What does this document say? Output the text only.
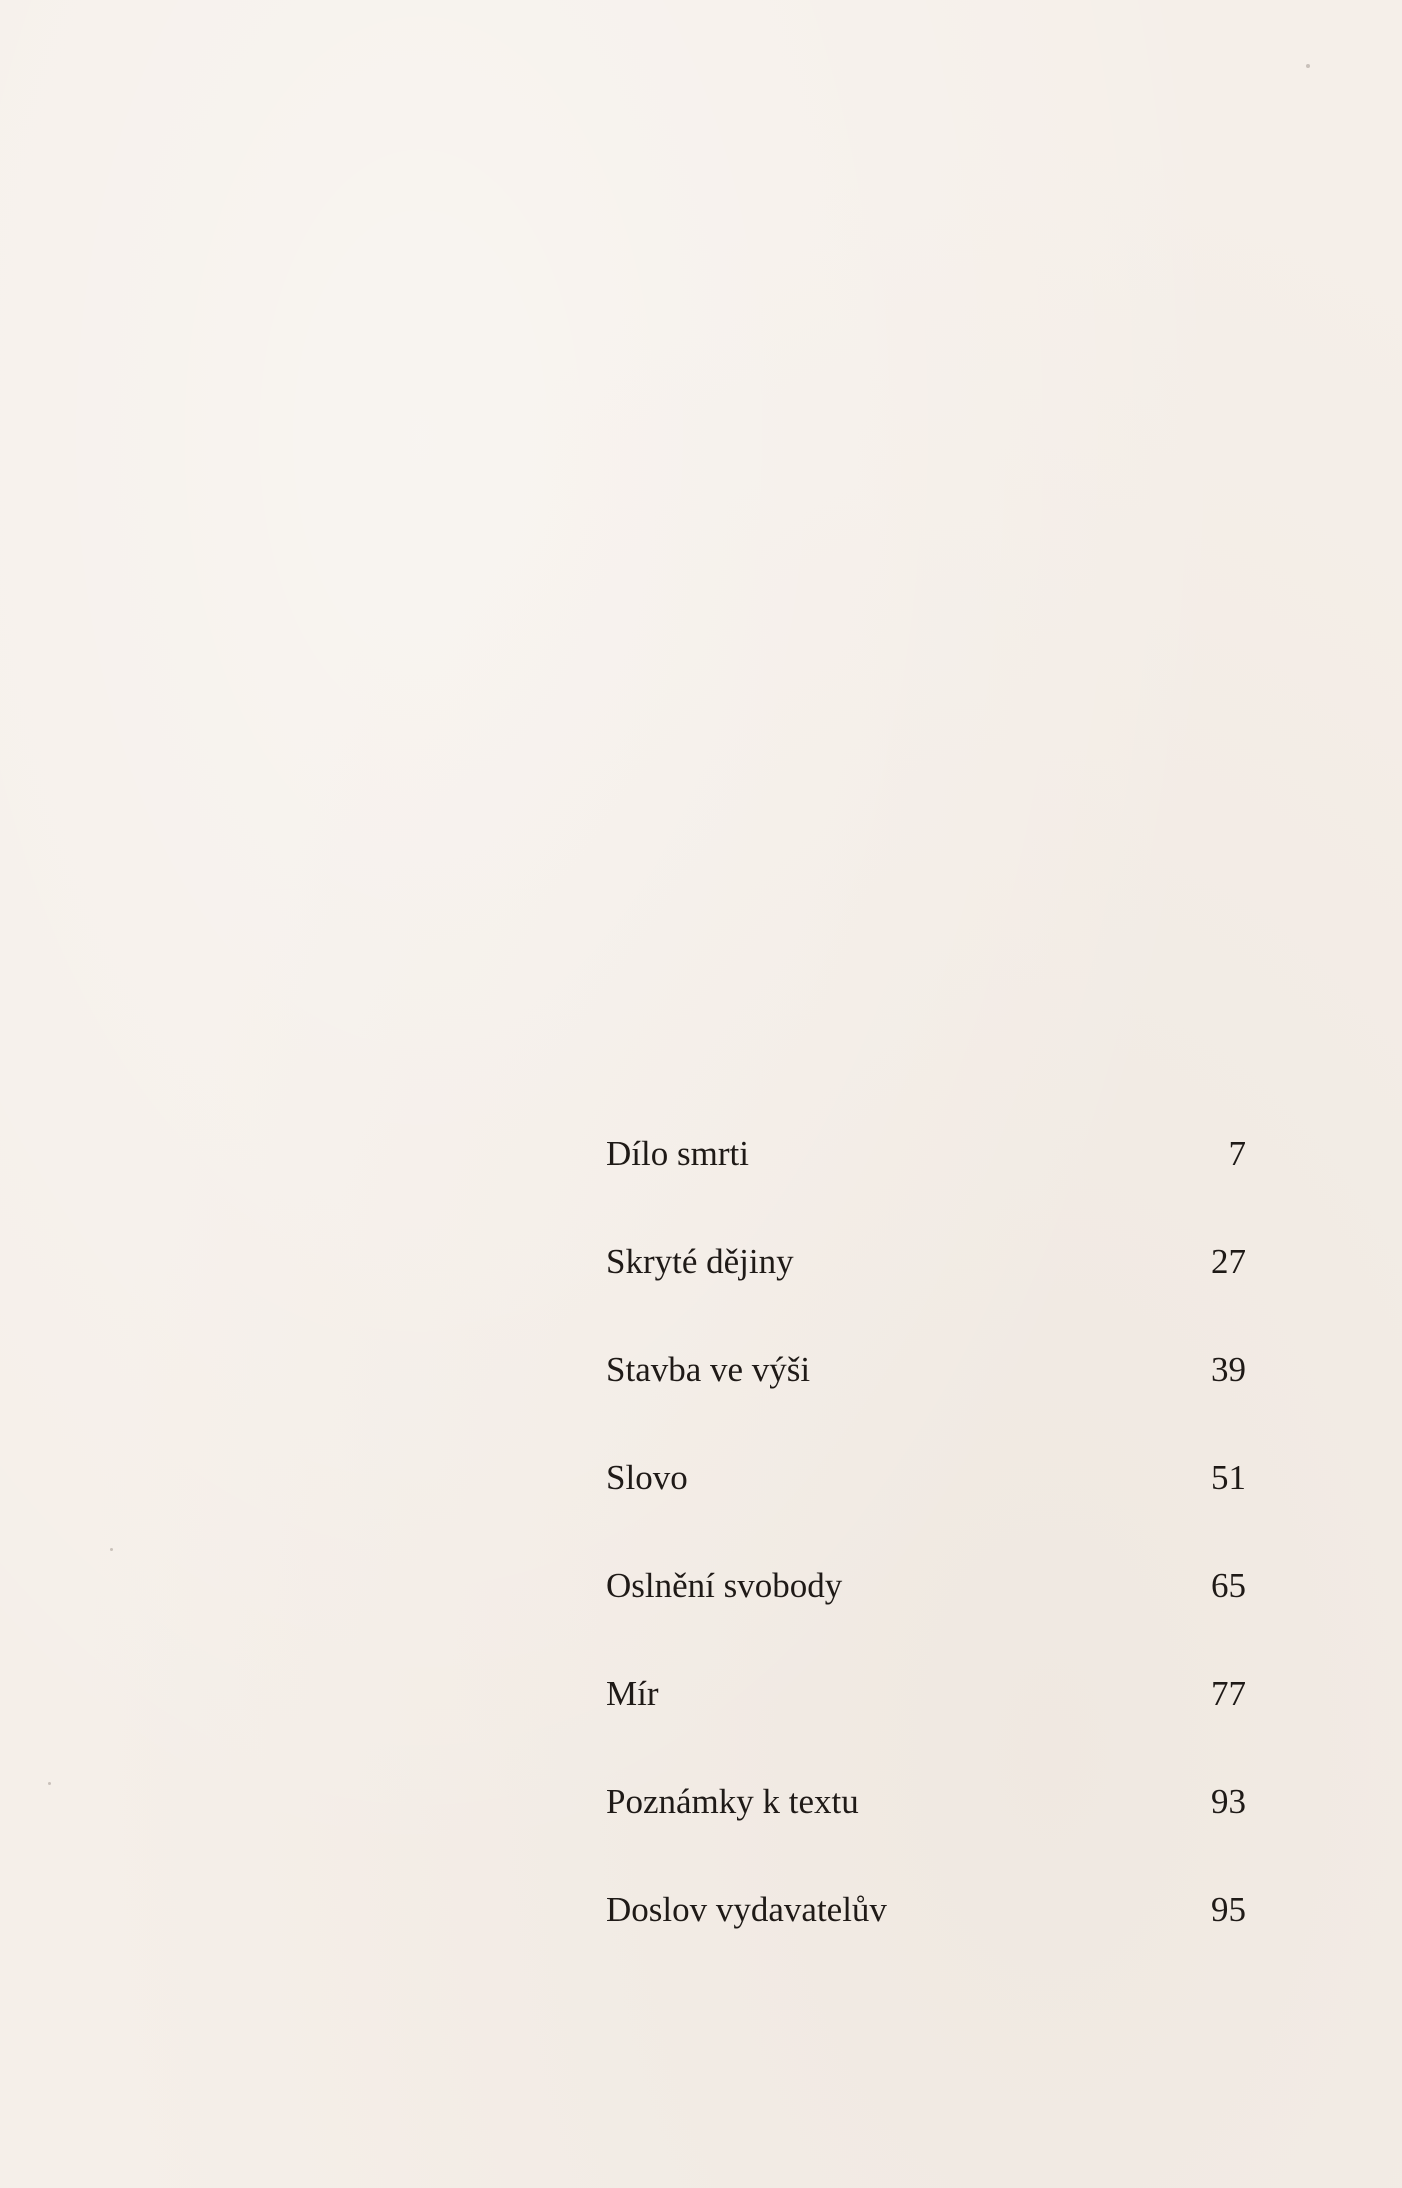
Dílo smrti	7
Skryté dějiny	27
Stavba ve výši	39
Slovo	51
Oslnění svobody	65
Mír	77
Poznámky k textu	93
Doslov vydavatelův	95
